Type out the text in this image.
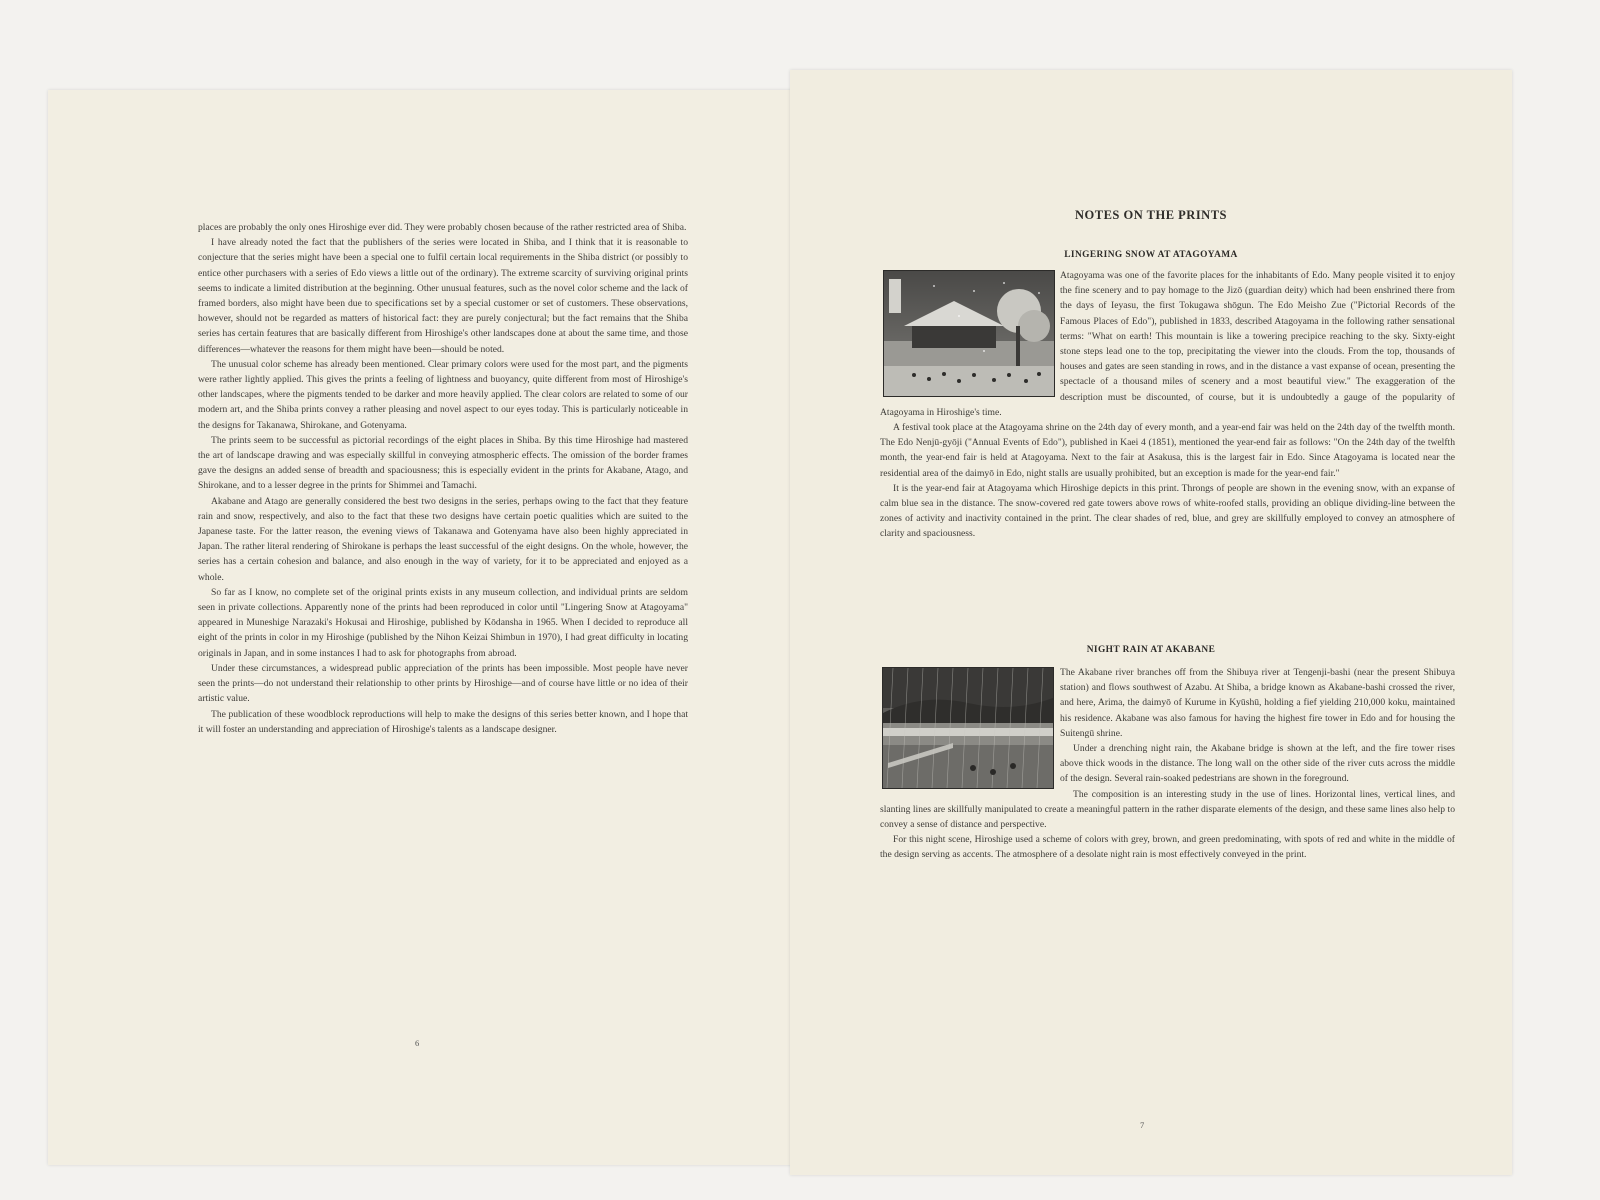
places are probably the only ones Hiroshige ever did. They were probably chosen because of the rather restricted area of Shiba.

I have already noted the fact that the publishers of the series were located in Shiba, and I think that it is reasonable to conjecture that the series might have been a special one to fulfil certain local requirements in the Shiba district (or possibly to entice other purchasers with a series of Edo views a little out of the ordinary). The extreme scarcity of surviving original prints seems to indicate a limited distribution at the beginning. Other unusual features, such as the novel color scheme and the lack of framed borders, also might have been due to specifications set by a special customer or set of customers. These observations, however, should not be regarded as matters of historical fact: they are purely conjectural; but the fact remains that the Shiba series has certain features that are basically different from Hiroshige's other landscapes done at about the same time, and those differences—whatever the reasons for them might have been—should be noted.

The unusual color scheme has already been mentioned. Clear primary colors were used for the most part, and the pigments were rather lightly applied. This gives the prints a feeling of lightness and buoyancy, quite different from most of Hiroshige's other landscapes, where the pigments tended to be darker and more heavily applied. The clear colors are related to some of our modern art, and the Shiba prints convey a rather pleasing and novel aspect to our eyes today. This is particularly noticeable in the designs for Takanawa, Shirokane, and Gotenyama.

The prints seem to be successful as pictorial recordings of the eight places in Shiba. By this time Hiroshige had mastered the art of landscape drawing and was especially skillful in conveying atmospheric effects. The omission of the border frames gave the designs an added sense of breadth and spaciousness; this is especially evident in the prints for Akabane, Atago, and Shirokane, and to a lesser degree in the prints for Shimmei and Tamachi.

Akabane and Atago are generally considered the best two designs in the series, perhaps owing to the fact that they feature rain and snow, respectively, and also to the fact that these two designs have certain poetic qualities which are suited to the Japanese taste. For the latter reason, the evening views of Takanawa and Gotenyama have also been highly appreciated in Japan. The rather literal rendering of Shirokane is perhaps the least successful of the eight designs. On the whole, however, the series has a certain cohesion and balance, and also enough in the way of variety, for it to be appreciated and enjoyed as a whole.

So far as I know, no complete set of the original prints exists in any museum collection, and individual prints are seldom seen in private collections. Apparently none of the prints had been reproduced in color until "Lingering Snow at Atagoyama" appeared in Muneshige Narazaki's Hokusai and Hiroshige, published by Kōdansha in 1965. When I decided to reproduce all eight of the prints in color in my Hiroshige (published by the Nihon Keizai Shimbun in 1970), I had great difficulty in locating originals in Japan, and in some instances I had to ask for photographs from abroad.

Under these circumstances, a widespread public appreciation of the prints has been impossible. Most people have never seen the prints—do not understand their relationship to other prints by Hiroshige—and of course have little or no idea of their artistic value.

The publication of these woodblock reproductions will help to make the designs of this series better known, and I hope that it will foster an understanding and appreciation of Hiroshige's talents as a landscape designer.

6
NOTES ON THE PRINTS
LINGERING SNOW AT ATAGOYAMA

Atagoyama was one of the favorite places for the inhabitants of Edo. Many people visited it to enjoy the fine scenery and to pay homage to the Jizō (guardian deity) which had been enshrined there from the days of Ieyasu, the first Tokugawa shōgun. The Edo Meisho Zue ("Pictorial Records of the Famous Places of Edo"), published in 1833, described Atagoyama in the following rather sensational terms: "What on earth! This mountain is like a towering precipice reaching to the sky. Sixty-eight stone steps lead one to the top, precipitating the viewer into the clouds. From the top, thousands of houses and gates are seen standing in rows, and in the distance a vast expanse of ocean, presenting the spectacle of a thousand miles of scenery and a most beautiful view." The exaggeration of the description must be discounted, of course, but it is undoubtedly a gauge of the popularity of Atagoyama in Hiroshige's time.

A festival took place at the Atagoyama shrine on the 24th day of every month, and a year-end fair was held on the 24th day of the twelfth month. The Edo Nenjū-gyōji ("Annual Events of Edo"), published in Kaei 4 (1851), mentioned the year-end fair as follows: "On the 24th day of the twelfth month, the year-end fair is held at Atagoyama. Next to the fair at Asakusa, this is the largest fair in Edo. Since Atagoyama is located near the residential area of the daimyō in Edo, night stalls are usually prohibited, but an exception is made for the year-end fair."

It is the year-end fair at Atagoyama which Hiroshige depicts in this print. Throngs of people are shown in the evening snow, with an expanse of calm blue sea in the distance. The snow-covered red gate towers above rows of white-roofed stalls, providing an oblique dividing-line between the zones of activity and inactivity contained in the print. The clear shades of red, blue, and grey are skillfully employed to convey an atmosphere of clarity and spaciousness.

NIGHT RAIN AT AKABANE

The Akabane river branches off from the Shibuya river at Tengenji-bashi (near the present Shibuya station) and flows southwest of Azabu. At Shiba, a bridge known as Akabane-bashi crossed the river, and here, Arima, the daimyō of Kurume in Kyūshū, holding a fief yielding 210,000 koku, maintained his residence. Akabane was also famous for having the highest fire tower in Edo and for housing the Suitengū shrine.

Under a drenching night rain, the Akabane bridge is shown at the left, and the fire tower rises above thick woods in the distance. The long wall on the other side of the river cuts across the middle of the design. Several rain-soaked pedestrians are shown in the foreground.

The composition is an interesting study in the use of lines. Horizontal lines, vertical lines, and slanting lines are skillfully manipulated to create a meaningful pattern in the rather disparate elements of the design, and these same lines also help to convey a sense of distance and perspective.

For this night scene, Hiroshige used a scheme of colors with grey, brown, and green predominating, with spots of red and white in the middle of the design serving as accents. The atmosphere of a desolate night rain is most effectively conveyed in the print.

7
